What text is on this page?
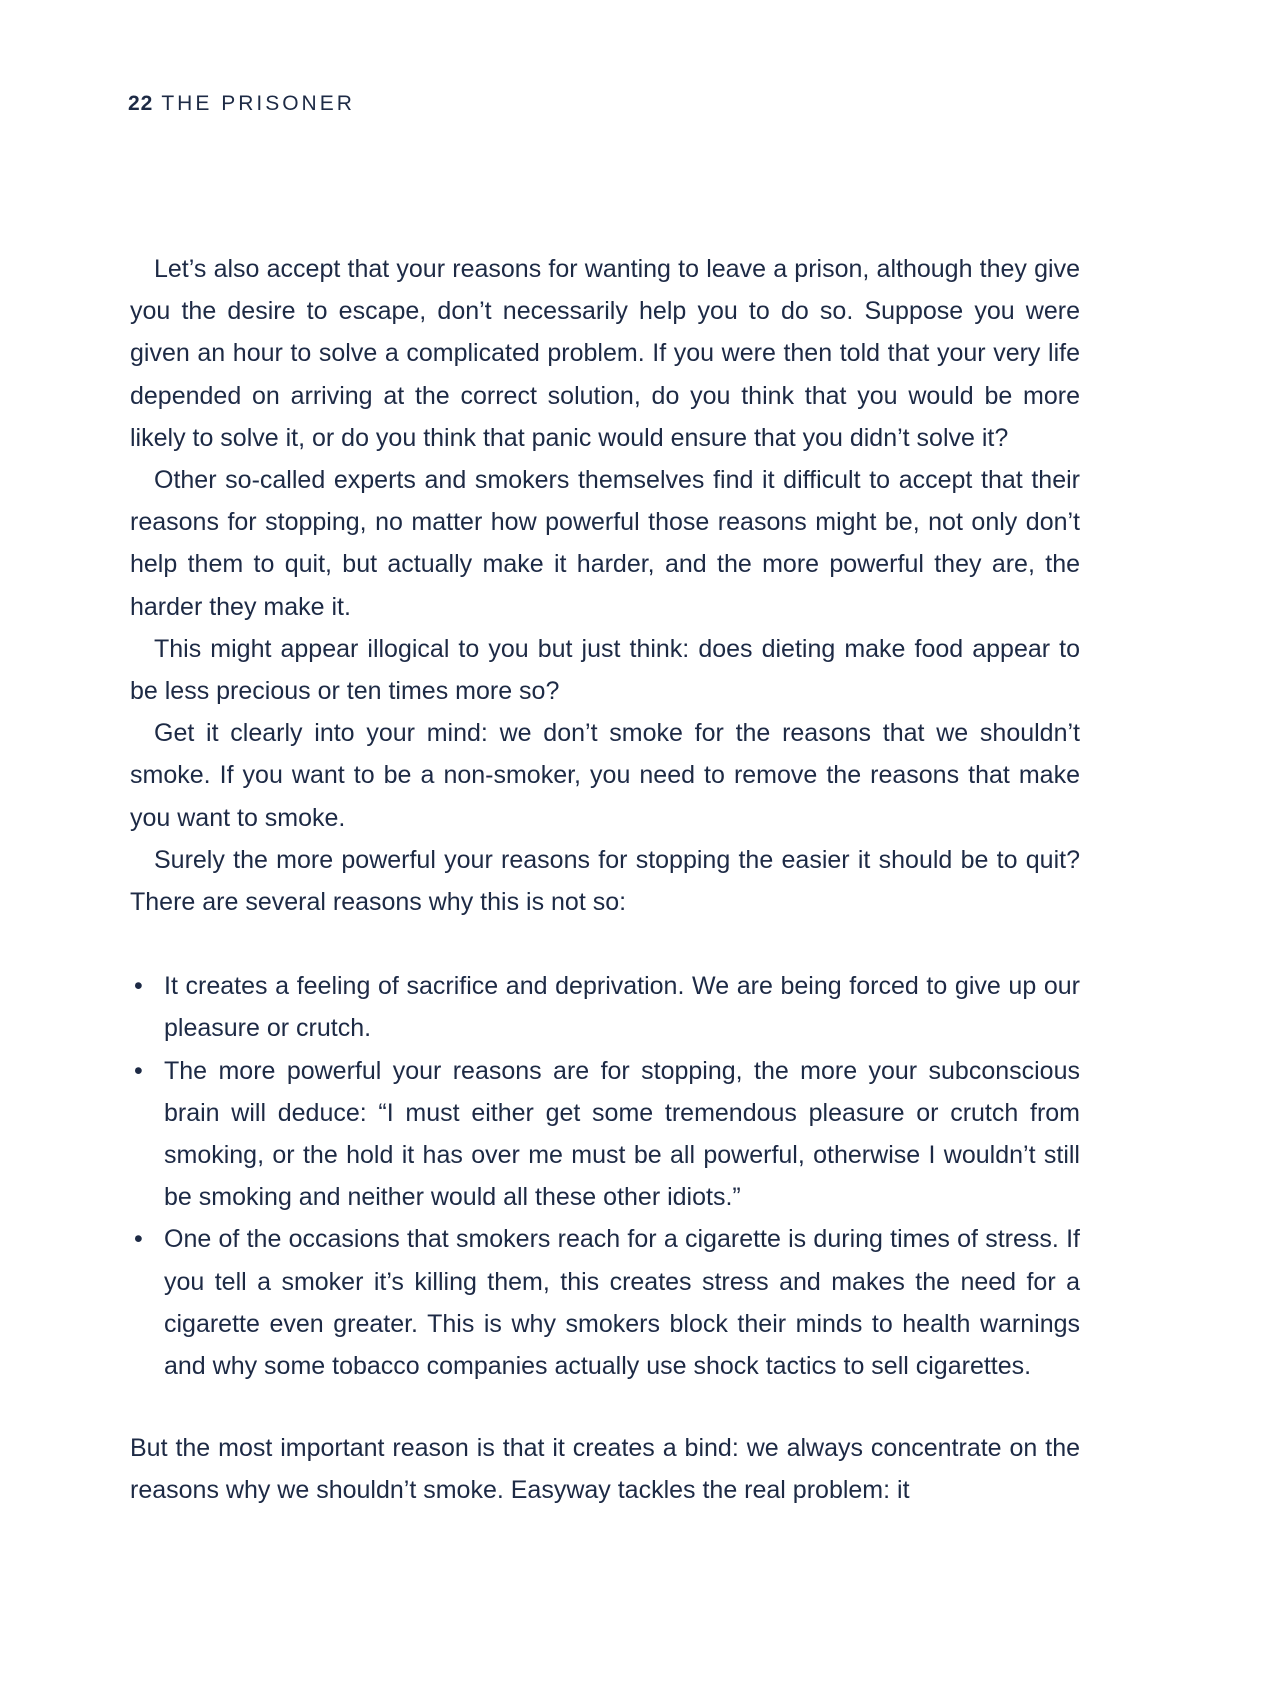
22 THE PRISONER

Let’s also accept that your reasons for wanting to leave a prison, although they give you the desire to escape, don’t necessarily help you to do so. Suppose you were given an hour to solve a complicated problem. If you were then told that your very life depended on arriving at the correct solution, do you think that you would be more likely to solve it, or do you think that panic would ensure that you didn’t solve it?

Other so-called experts and smokers themselves find it difficult to accept that their reasons for stopping, no matter how powerful those reasons might be, not only don’t help them to quit, but actually make it harder, and the more powerful they are, the harder they make it.

This might appear illogical to you but just think: does dieting make food appear to be less precious or ten times more so?

Get it clearly into your mind: we don’t smoke for the reasons that we shouldn’t smoke. If you want to be a non-smoker, you need to remove the reasons that make you want to smoke.

Surely the more powerful your reasons for stopping the easier it should be to quit? There are several reasons why this is not so:

• It creates a feeling of sacrifice and deprivation. We are being forced to give up our pleasure or crutch.
• The more powerful your reasons are for stopping, the more your subconscious brain will deduce: “I must either get some tremendous pleasure or crutch from smoking, or the hold it has over me must be all powerful, otherwise I wouldn’t still be smoking and neither would all these other idiots.”
• One of the occasions that smokers reach for a cigarette is during times of stress. If you tell a smoker it’s killing them, this creates stress and makes the need for a cigarette even greater. This is why smokers block their minds to health warnings and why some tobacco companies actually use shock tactics to sell cigarettes.

But the most important reason is that it creates a bind: we always concentrate on the reasons why we shouldn’t smoke. Easyway tackles the real problem: it
